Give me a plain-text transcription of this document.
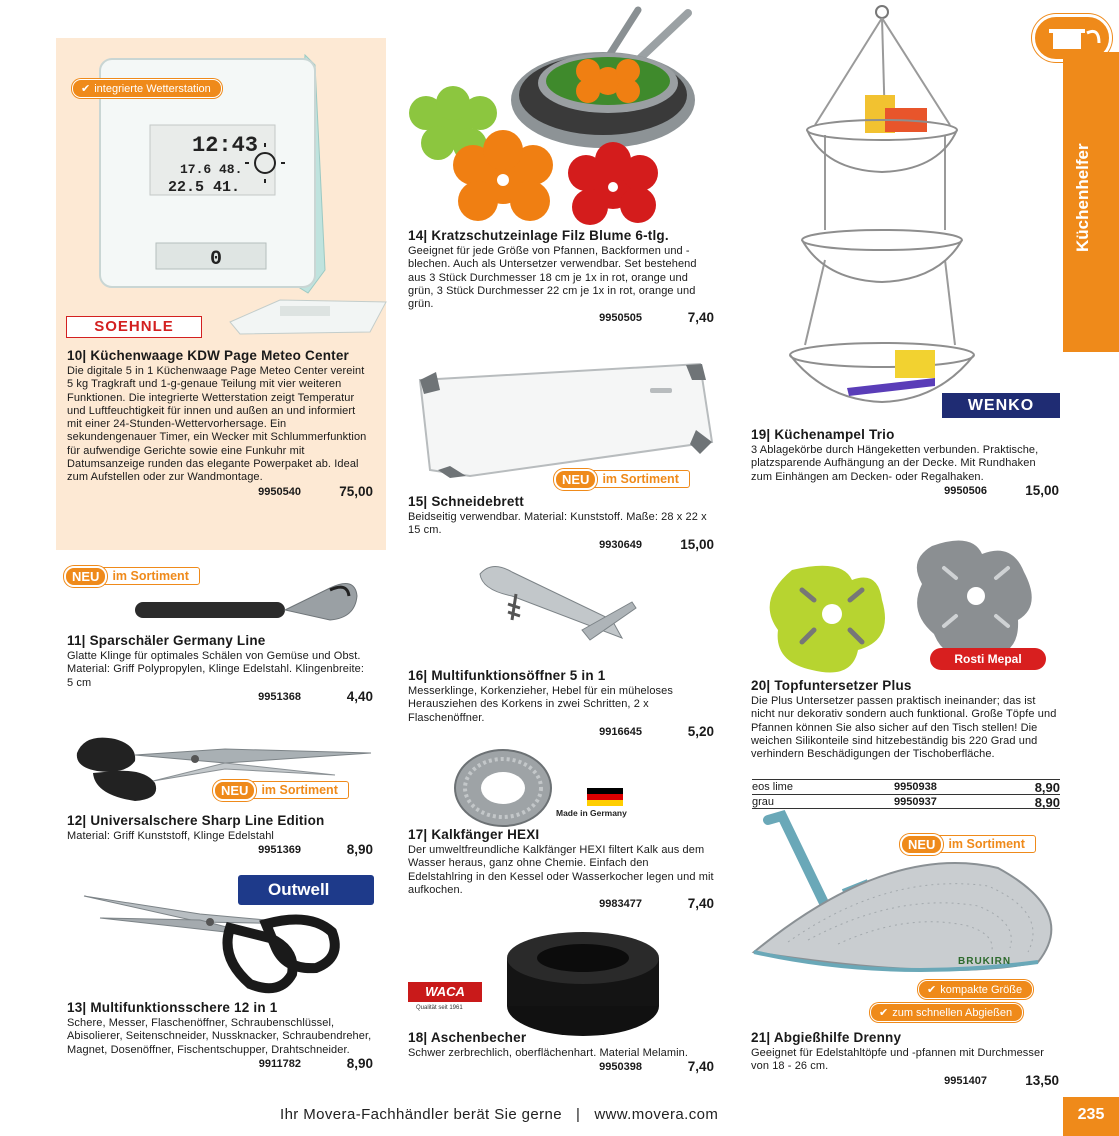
Küchenhelfer
12:43
17.6 48.
22.5 41.
0
✔ integrierte Wetterstation
SOEHNLE
10| Küchenwaage KDW Page Meteo Center
Die digitale 5 in 1 Küchenwaage Page Meteo Center vereint 5 kg Tragkraft und 1-g-genaue Teilung mit vier weiteren Funktionen. Die integrierte Wetterstation zeigt Temperatur und Luftfeuchtigkeit für innen und außen an und informiert mit einer 24-Stunden-Wettervorhersage. Ein sekundengenauer Timer, ein Wecker mit Schlummerfunktion für aufwendige Gerichte sowie eine Funkuhr mit Datumsanzeige runden das elegante Powerpaket ab. Ideal zum Aufstellen oder zur Wandmontage.
9950540	75,00
NEU	im Sortiment
11| Sparschäler Germany Line
Glatte Klinge für optimales Schälen von Gemüse und Obst. Material: Griff Polypropylen, Klinge Edelstahl. Klingenbreite: 5 cm
9951368	4,40
NEU	im Sortiment
12| Universalschere Sharp Line Edition
Material: Griff Kunststoff, Klinge Edelstahl
9951369	8,90
Outwell
13| Multifunktionsschere 12 in 1
Schere, Messer, Flaschenöffner, Schraubenschlüssel, Abisolierer, Seitenschneider, Nussknacker, Schraubendreher, Magnet, Dosenöffner, Fischentschupper, Drahtschneider.
9911782	8,90
14| Kratzschutzeinlage Filz Blume 6-tlg.
Geeignet für jede Größe von Pfannen, Backformen und -blechen. Auch als Untersetzer verwendbar. Set bestehend aus 3 Stück Durchmesser 18 cm je 1x in rot, orange und grün, 3 Stück Durchmesser 22 cm je 1x in rot, orange und grün.
9950505	7,40
NEU	im Sortiment
15| Schneidebrett
Beidseitig verwendbar. Material: Kunststoff. Maße: 28 x 22 x 15 cm.
9930649	15,00
16| Multifunktionsöffner 5 in 1
Messerklinge, Korkenzieher, Hebel für ein müheloses Herausziehen des Korkens in zwei Schritten, 2 x Flaschenöffner.
9916645	5,20
Made in Germany
17| Kalkfänger HEXI
Der umweltfreundliche Kalkfänger HEXI filtert Kalk aus dem Wasser heraus, ganz ohne Chemie. Einfach den Edelstahlring in den Kessel oder Wasserkocher legen und mit aufkochen.
9983477	7,40
WACA
Qualität seit 1961
18| Aschenbecher
Schwer zerbrechlich, oberflächenhart. Material Melamin.
9950398	7,40
WENKO
19| Küchenampel Trio
3 Ablagekörbe durch Hängeketten verbunden. Praktische, platzsparende Aufhängung an der Decke. Mit Rundhaken zum Einhängen am Decken- oder Regalhaken.
9950506	15,00
Rosti Mepal
20| Topfuntersetzer Plus
Die Plus Untersetzer passen praktisch ineinander; das ist nicht nur dekorativ sondern auch funktional. Große Töpfe und Pfannen können Sie also sicher auf den Tisch stellen! Die weichen Silikonteile sind hitzebeständig bis 220 Grad und verhindern Beschädigungen der Tischoberfläche.
eos lime	9950938	8,90
grau	9950937	8,90
NEU	im Sortiment
BRUKIRN
✔ kompakte Größe
✔ zum schnellen Abgießen
21| Abgießhilfe Drenny
Geeignet für Edelstahltöpfe und -pfannen mit Durchmesser von 18 - 26 cm.
9951407	13,50
Ihr Movera-Fachhändler berät Sie gerne | www.movera.com	235
